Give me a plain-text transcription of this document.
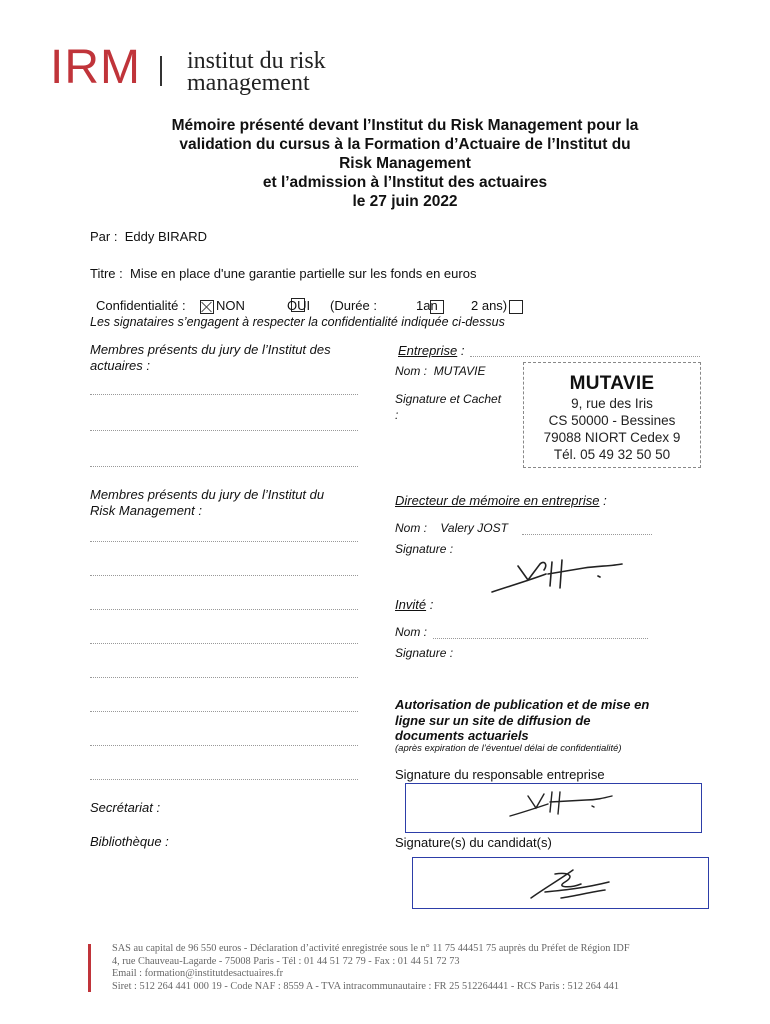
IRM institut du risk
management
Mémoire présenté devant l’Institut du Risk Management pour la
validation du cursus à la Formation d’Actuaire de l’Institut du
Risk Management
et l’admission à l’Institut des actuaires
le 27 juin 2022
Par : Eddy BIRARD
Titre : Mise en place d'une garantie partielle sur les fonds en euros
Confidentialité :
NON
	OUI (Durée :
	1an	2 ans)
Les signataires s’engagent à respecter la confidentialité indiquée ci-dessus
Membres présents du jury de l’Institut des
actuaires :
Membres présents du jury de l’Institut du
Risk Management :
Secrétariat :
Bibliothèque :
Entreprise :
Nom : MUTAVIE
Signature et Cachet
:
MUTAVIE
9, rue des Iris
CS 50000 - Bessines
79088 NIORT Cedex 9
Tél. 05 49 32 50 50
Directeur de mémoire en entreprise :
Nom : Valery JOST
Signature :
Invité :
Nom :
Signature :
Autorisation de publication et de mise en
ligne sur un site de diffusion de
documents actuariels
(après expiration de l’éventuel délai de confidentialité)
Signature du responsable entreprise
Signature(s) du candidat(s)
SAS au capital de 96 550 euros - Déclaration d’activité enregistrée sous le n° 11 75 44451 75 auprès du Préfet de Région IDF
4, rue Chauveau-Lagarde - 75008 Paris - Tél : 01 44 51 72 79 - Fax : 01 44 51 72 73
Email : formation@institutdesactuaires.fr
Siret : 512 264 441 000 19 - Code NAF : 8559 A - TVA intracommunautaire : FR 25 512264441 - RCS Paris : 512 264 441
